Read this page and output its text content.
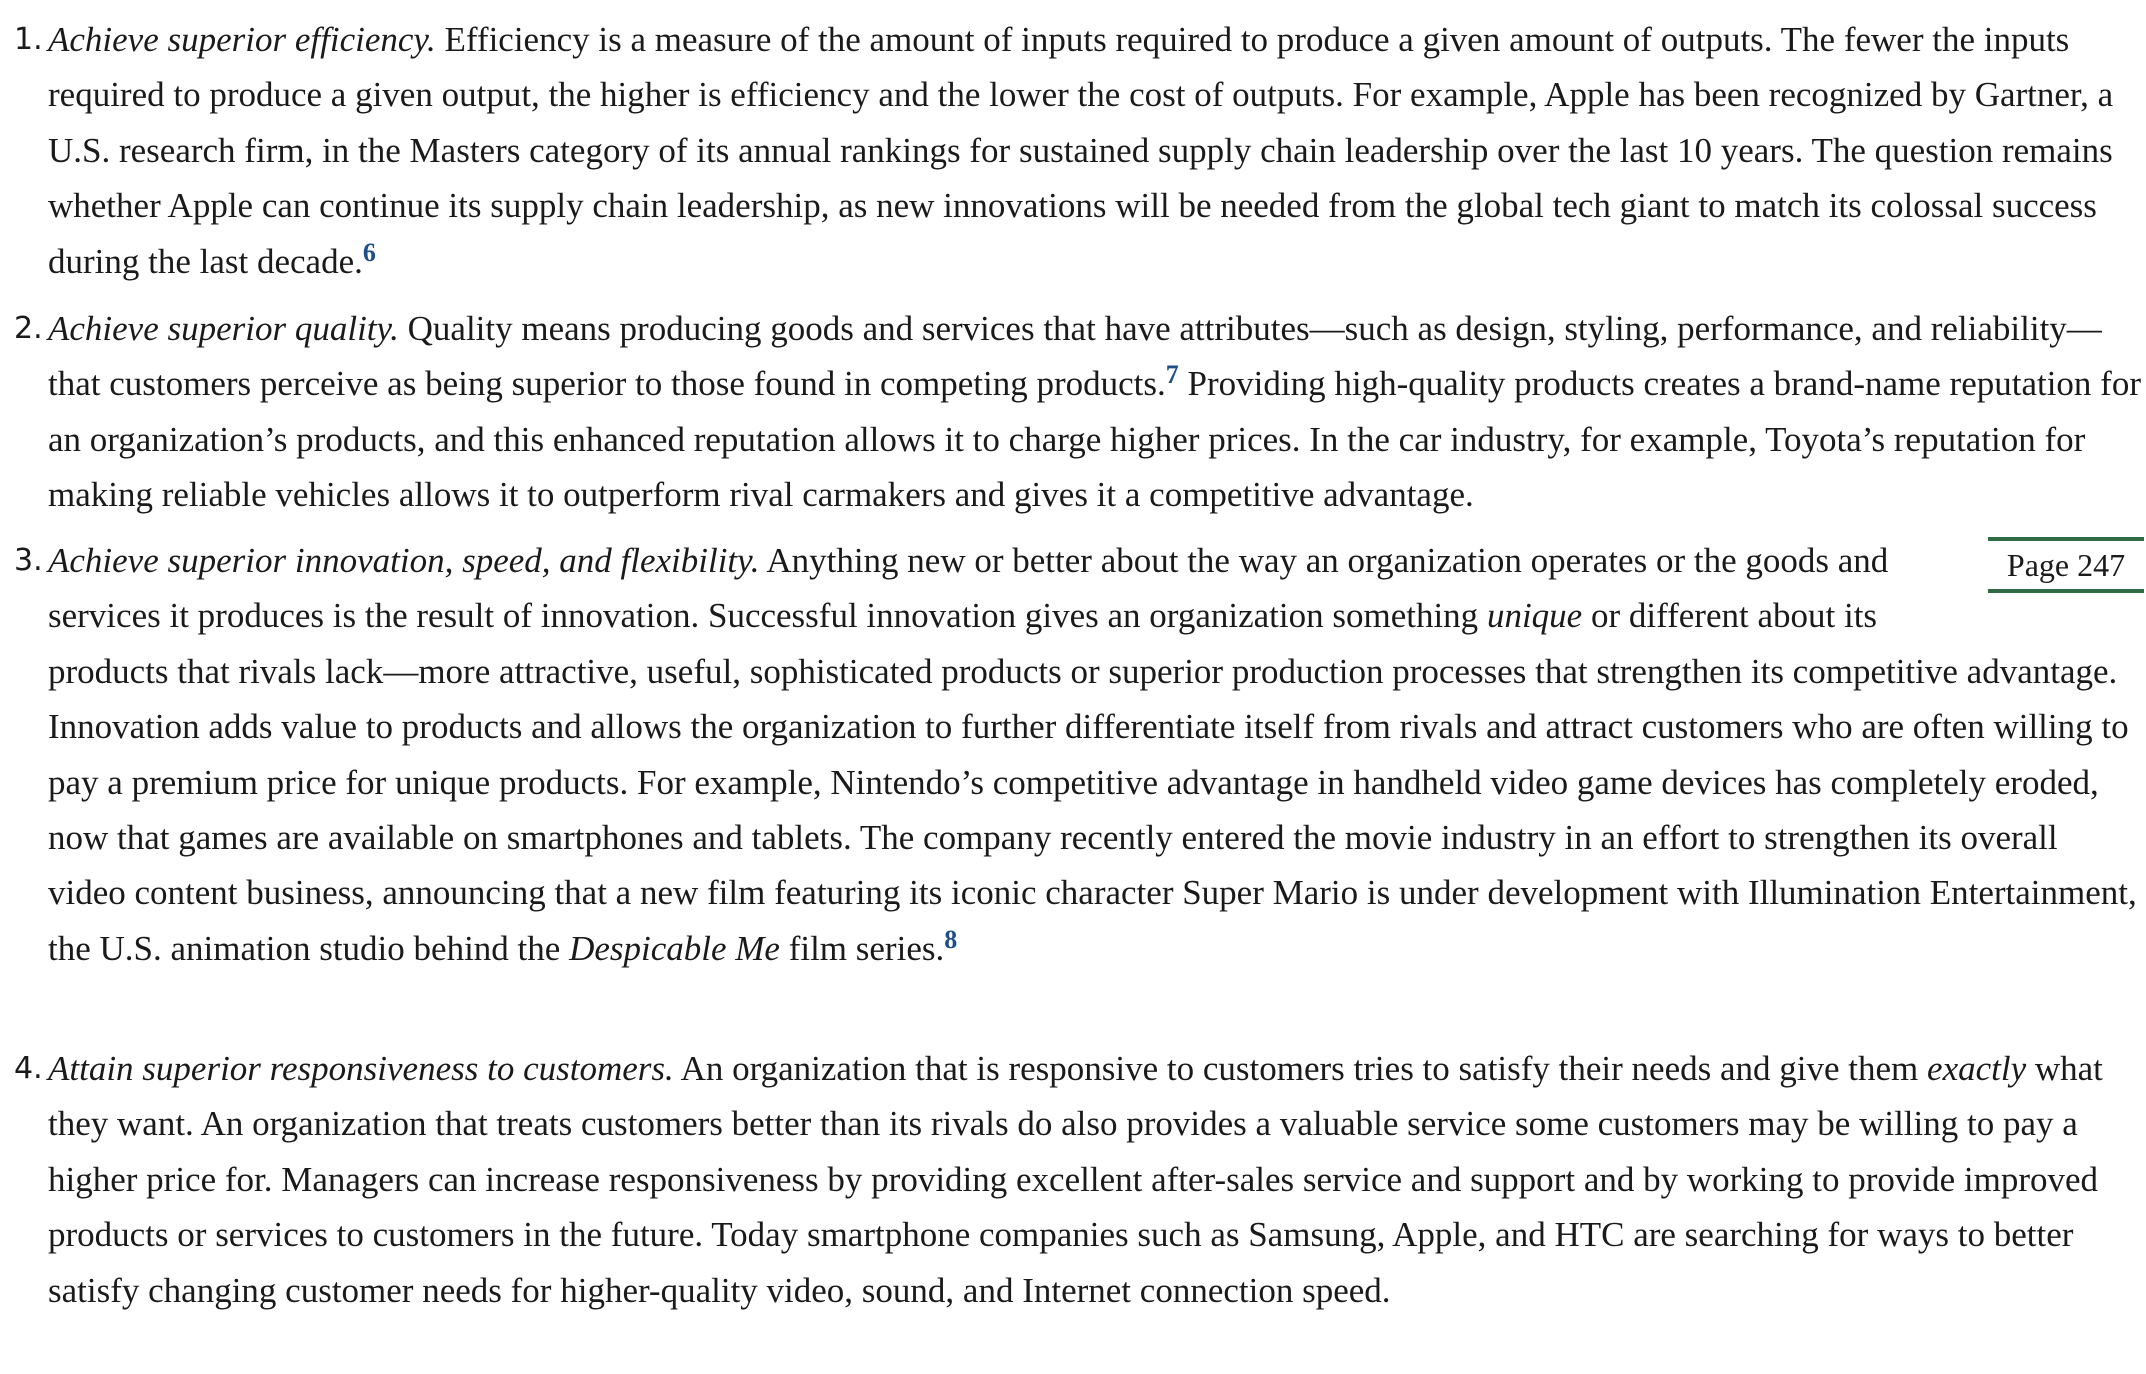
1. Achieve superior efficiency. Efficiency is a measure of the amount of inputs required to produce a given amount of outputs. The fewer the inputs required to produce a given output, the higher is efficiency and the lower the cost of outputs. For example, Apple has been recognized by Gartner, a U.S. research firm, in the Masters category of its annual rankings for sustained supply chain leadership over the last 10 years. The question remains whether Apple can continue its supply chain leadership, as new innovations will be needed from the global tech giant to match its colossal success during the last decade.$^6$
2. Achieve superior quality. Quality means producing goods and services that have attributes—such as design, styling, performance, and reliability—that customers perceive as being superior to those found in competing products.$^7$ Providing high-quality products creates a brand-name reputation for an organization’s products, and this enhanced reputation allows it to charge higher prices. In the car industry, for example, Toyota’s reputation for making reliable vehicles allows it to outperform rival carmakers and gives it a competitive advantage.
3.	Page 247
Achieve superior innovation, speed, and flexibility. Anything new or better about the way an organization operates or the goods and services it produces is the result of innovation. Successful innovation gives an organization something unique or different about its products that rivals lack—more attractive, useful, sophisticated products or superior production processes that strengthen its competitive advantage. Innovation adds value to products and allows the organization to further differentiate itself from rivals and attract customers who are often willing to pay a premium price for unique products. For example, Nintendo’s competitive advantage in handheld video game devices has completely eroded, now that games are available on smartphones and tablets. The company recently entered the movie industry in an effort to strengthen its overall video content business, announcing that a new film featuring its iconic character Super Mario is under development with Illumination Entertainment, the U.S. animation studio behind the Despicable Me film series.$^8$
4. Attain superior responsiveness to customers. An organization that is responsive to customers tries to satisfy their needs and give them exactly what they want. An organization that treats customers better than its rivals do also provides a valuable service some customers may be willing to pay a higher price for. Managers can increase responsiveness by providing excellent after-sales service and support and by working to provide improved products or services to customers in the future. Today smartphone companies such as Samsung, Apple, and HTC are searching for ways to better satisfy changing customer needs for higher-quality video, sound, and Internet connection speed.
